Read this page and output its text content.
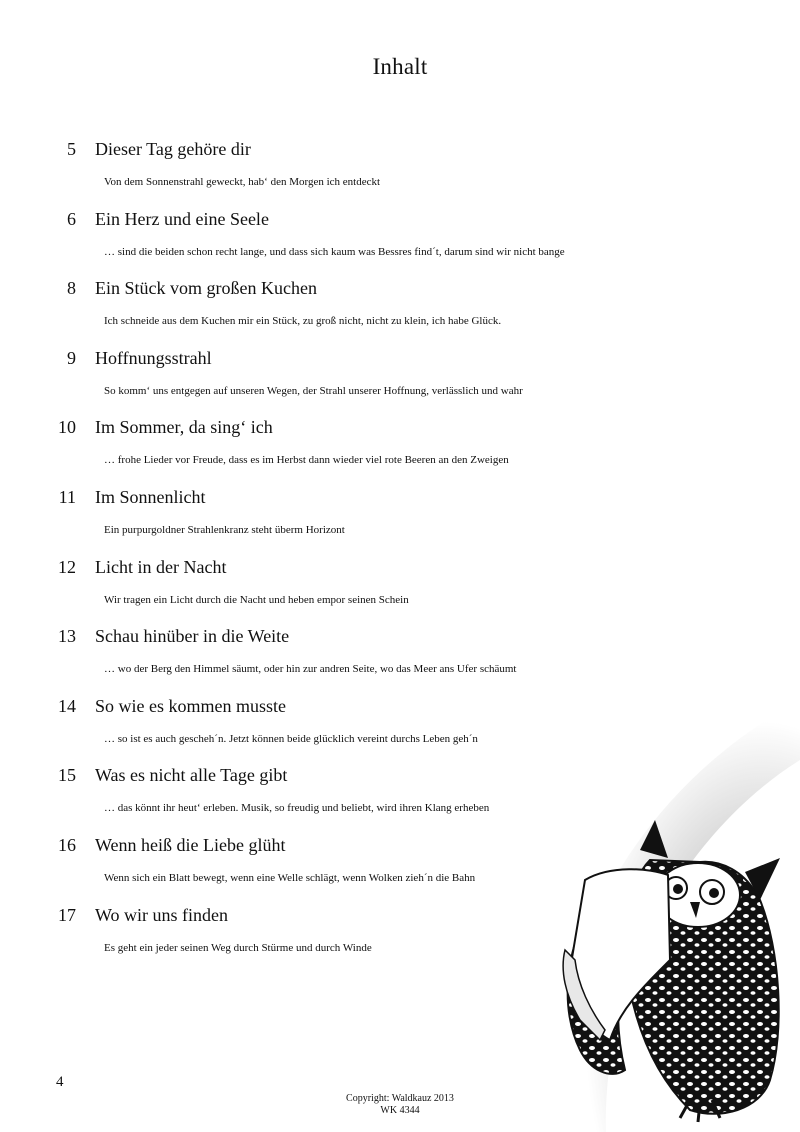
Inhalt
5 Dieser Tag gehöre dir
Von dem Sonnenstrahl geweckt, hab‘ den Morgen ich entdeckt
6 Ein Herz und eine Seele
… sind die beiden schon recht lange, und dass sich kaum was Bessres find´t, darum sind wir nicht bange
8 Ein Stück vom großen Kuchen
Ich schneide aus dem Kuchen mir ein Stück, zu groß nicht, nicht zu klein, ich habe Glück.
9 Hoffnungsstrahl
So komm‘ uns entgegen auf unseren Wegen, der Strahl unserer Hoffnung, verlässlich und wahr
10 Im Sommer, da sing‘ ich
… frohe Lieder vor Freude, dass es im Herbst dann wieder viel rote Beeren an den Zweigen
11 Im Sonnenlicht
Ein purpurgoldner Strahlenkranz steht überm Horizont
12 Licht in der Nacht
Wir tragen ein Licht durch die Nacht und heben empor seinen Schein
13 Schau hinüber in die Weite
… wo der Berg den Himmel säumt, oder hin zur andren Seite, wo das Meer ans Ufer schäumt
14 So wie es kommen musste
… so ist es auch gescheh´n. Jetzt können beide glücklich vereint durchs Leben geh´n
15 Was es nicht alle Tage gibt
… das könnt ihr heut‘ erleben. Musik, so freudig und beliebt, wird ihren Klang erheben
16 Wenn heiß die Liebe glüht
Wenn sich ein Blatt bewegt, wenn eine Welle schlägt, wenn Wolken zieh´n die Bahn
17 Wo wir uns finden
Es geht ein jeder seinen Weg durch Stürme und durch Winde
4
Copyright: Waldkauz 2013
WK 4344
